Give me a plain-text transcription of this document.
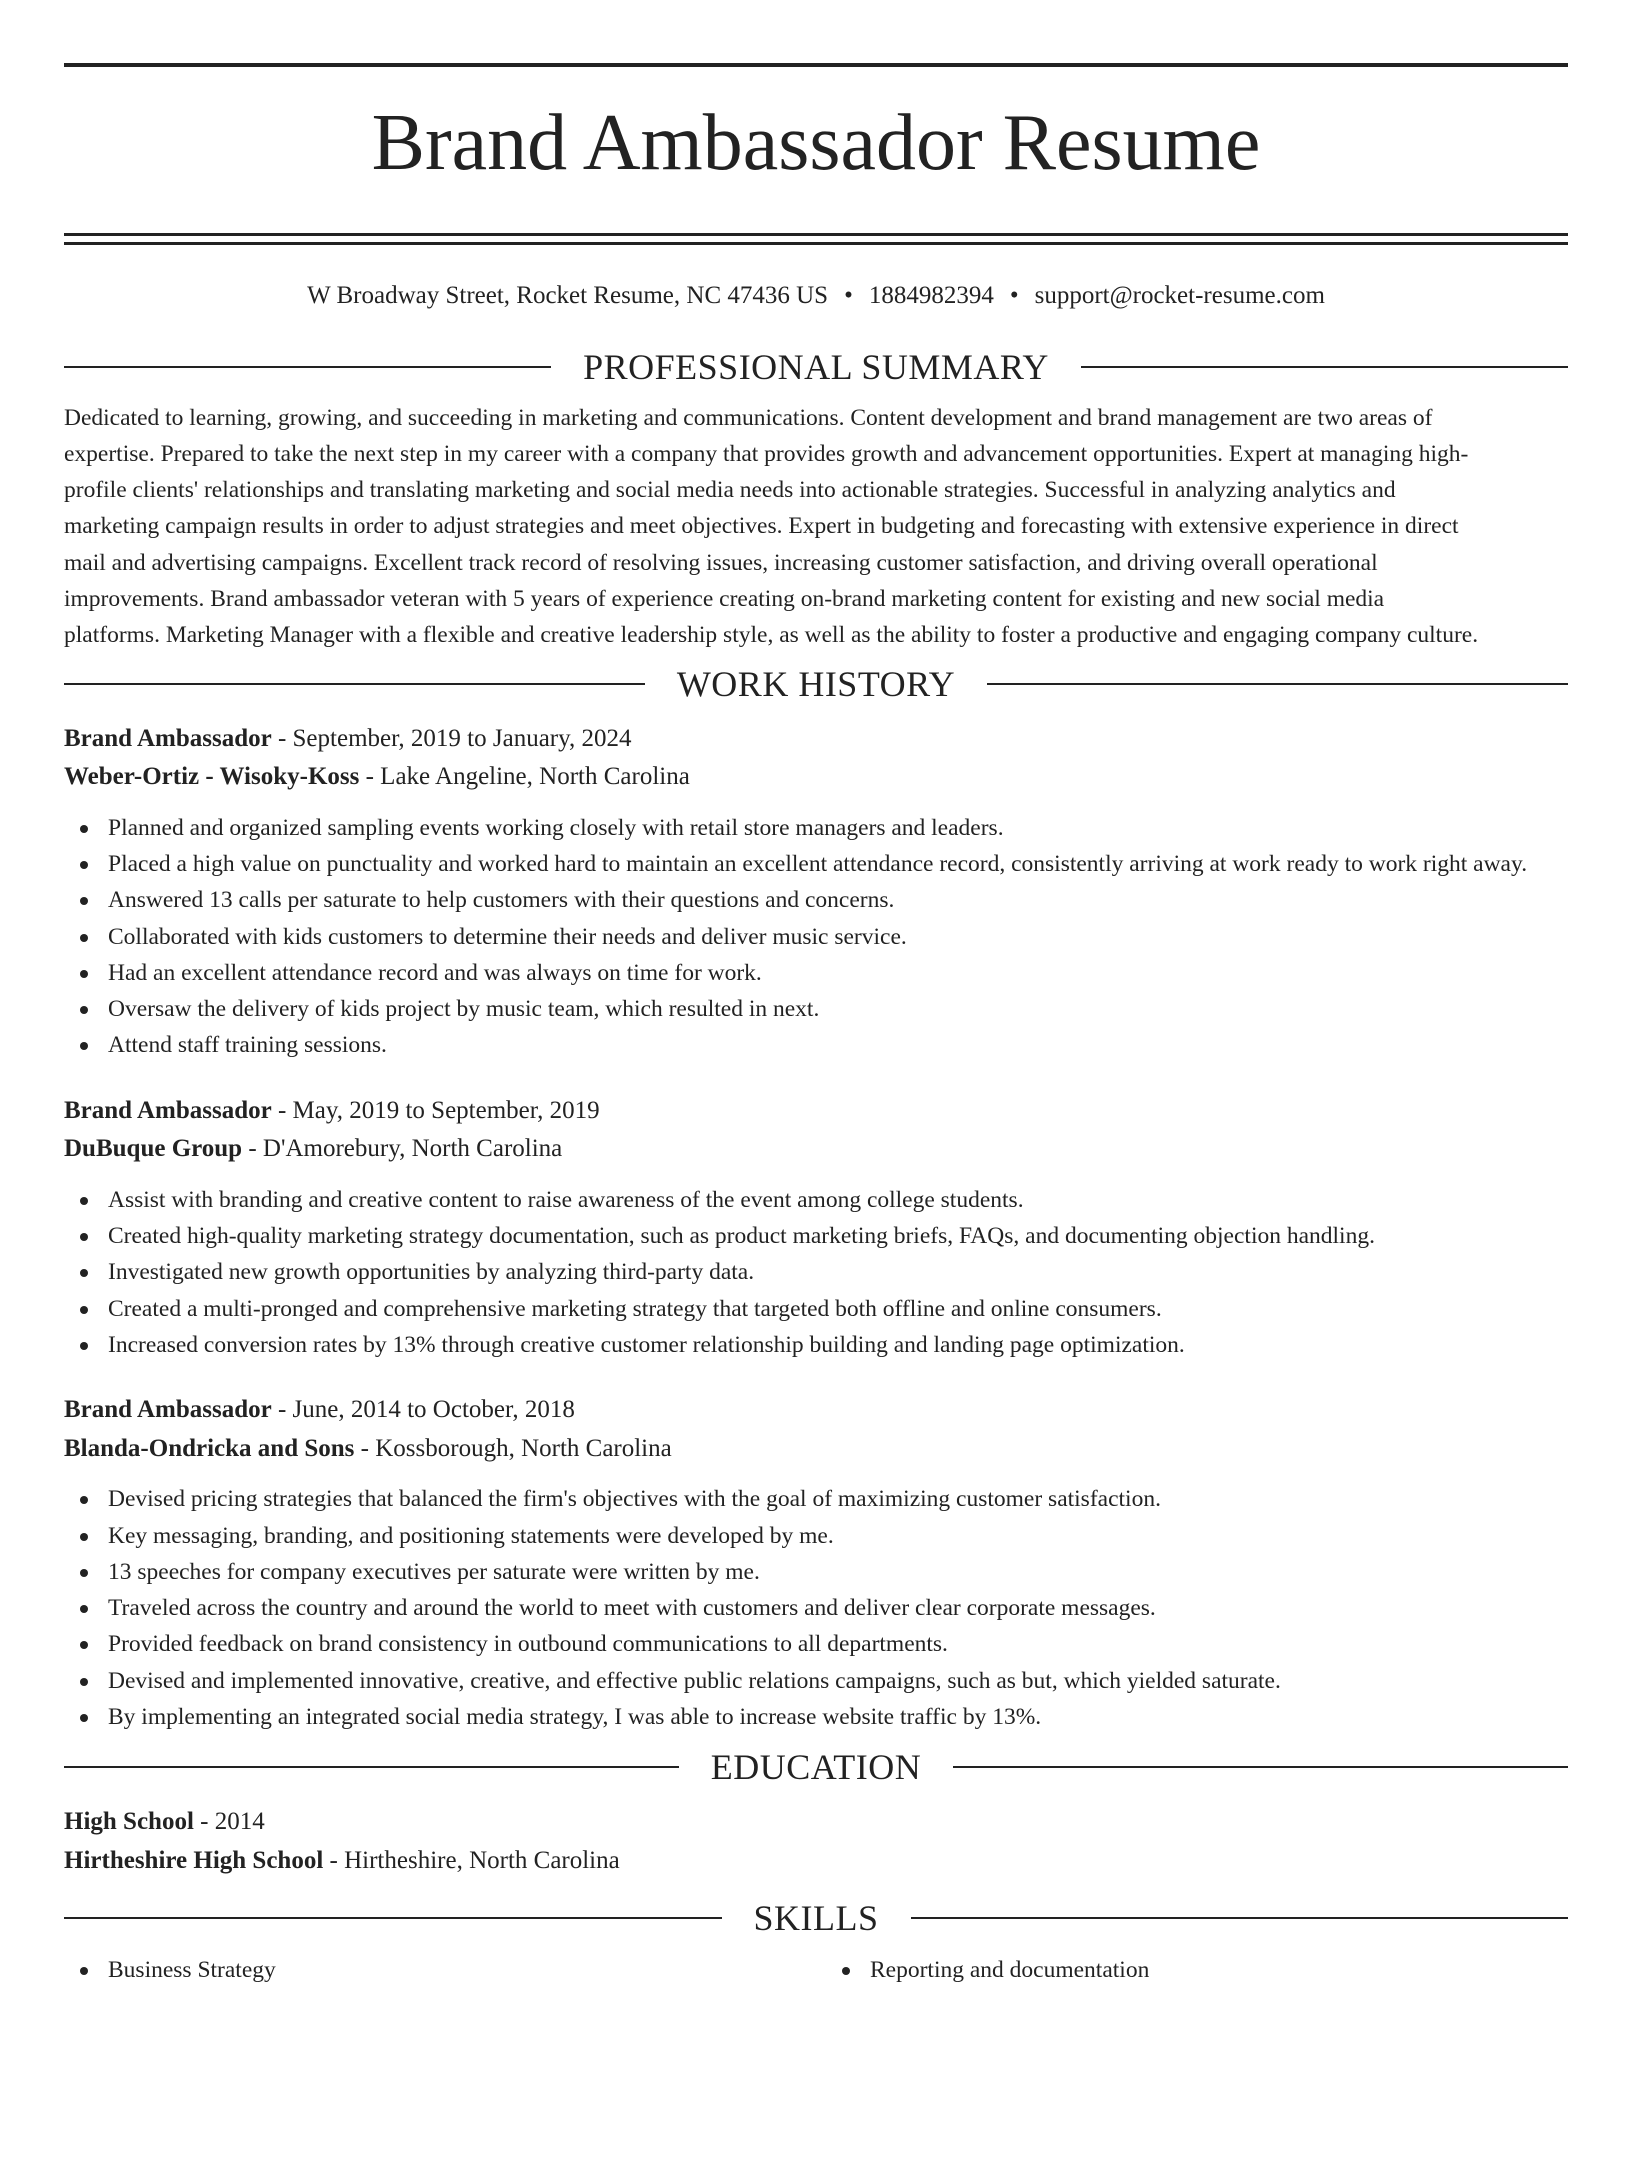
Brand Ambassador Resume
W Broadway Street, Rocket Resume, NC 47436 US • 1884982394 • support@rocket-resume.com
PROFESSIONAL SUMMARY
Dedicated to learning, growing, and succeeding in marketing and communications. Content development and brand management are two areas of
expertise. Prepared to take the next step in my career with a company that provides growth and advancement opportunities. Expert at managing high-
profile clients' relationships and translating marketing and social media needs into actionable strategies. Successful in analyzing analytics and
marketing campaign results in order to adjust strategies and meet objectives. Expert in budgeting and forecasting with extensive experience in direct
mail and advertising campaigns. Excellent track record of resolving issues, increasing customer satisfaction, and driving overall operational
improvements. Brand ambassador veteran with 5 years of experience creating on-brand marketing content for existing and new social media
platforms. Marketing Manager with a flexible and creative leadership style, as well as the ability to foster a productive and engaging company culture.
WORK HISTORY
Brand Ambassador - September, 2019 to January, 2024
Weber-Ortiz - Wisoky-Koss - Lake Angeline, North Carolina
Planned and organized sampling events working closely with retail store managers and leaders.
Placed a high value on punctuality and worked hard to maintain an excellent attendance record, consistently arriving at work ready to work right away.
Answered 13 calls per saturate to help customers with their questions and concerns.
Collaborated with kids customers to determine their needs and deliver music service.
Had an excellent attendance record and was always on time for work.
Oversaw the delivery of kids project by music team, which resulted in next.
Attend staff training sessions.
Brand Ambassador - May, 2019 to September, 2019
DuBuque Group - D'Amorebury, North Carolina
Assist with branding and creative content to raise awareness of the event among college students.
Created high-quality marketing strategy documentation, such as product marketing briefs, FAQs, and documenting objection handling.
Investigated new growth opportunities by analyzing third-party data.
Created a multi-pronged and comprehensive marketing strategy that targeted both offline and online consumers.
Increased conversion rates by 13% through creative customer relationship building and landing page optimization.
Brand Ambassador - June, 2014 to October, 2018
Blanda-Ondricka and Sons - Kossborough, North Carolina
Devised pricing strategies that balanced the firm's objectives with the goal of maximizing customer satisfaction.
Key messaging, branding, and positioning statements were developed by me.
13 speeches for company executives per saturate were written by me.
Traveled across the country and around the world to meet with customers and deliver clear corporate messages.
Provided feedback on brand consistency in outbound communications to all departments.
Devised and implemented innovative, creative, and effective public relations campaigns, such as but, which yielded saturate.
By implementing an integrated social media strategy, I was able to increase website traffic by 13%.
EDUCATION
High School - 2014
Hirtheshire High School - Hirtheshire, North Carolina
SKILLS
Business Strategy	Reporting and documentation
